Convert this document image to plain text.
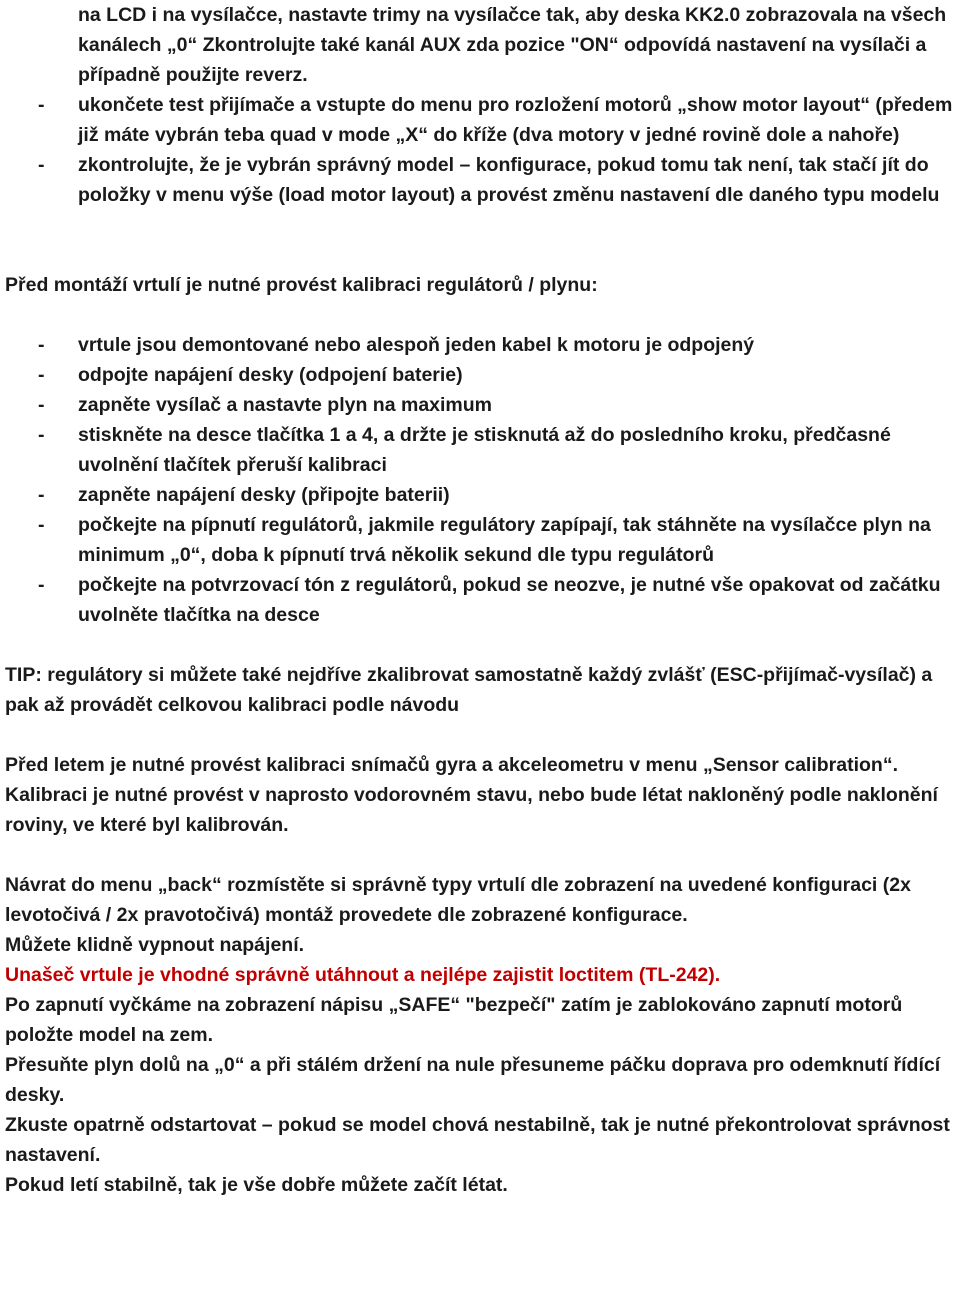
na LCD i na vysílačce, nastavte trimy na vysílačce tak, aby deska KK2.0 zobrazovala na všech kanálech „0“ Zkontrolujte také kanál AUX zda pozice "ON“ odpovídá nastavení na vysílači a případně použijte reverz.
- ukončete test přijímače a vstupte do menu pro rozložení motorů „show motor layout“ (předem již máte vybrán teba quad v mode „X“ do kříže (dva motory v jedné rovině dole a nahoře)
- zkontrolujte, že je vybrán správný model – konfigurace, pokud tomu tak není, tak stačí jít do položky v menu výše (load motor layout) a provést změnu nastavení dle daného typu modelu
Před montáží vrtulí je nutné provést kalibraci regulátorů / plynu:
- vrtule jsou demontované nebo alespoň jeden kabel k motoru je odpojený
- odpojte napájení desky (odpojení baterie)
- zapněte vysílač a nastavte plyn na maximum
- stiskněte na desce tlačítka 1 a 4, a držte je stisknutá až do posledního kroku, předčasné uvolnění tlačítek přeruší kalibraci
- zapněte napájení desky (připojte baterii)
- počkejte na pípnutí regulátorů, jakmile regulátory zapípají, tak stáhněte na vysílačce plyn na minimum „0“, doba k pípnutí trvá několik sekund dle typu regulátorů
- počkejte na potvrzovací tón z regulátorů, pokud se neozve, je nutné vše opakovat od začátku uvolněte tlačítka na desce
TIP: regulátory si můžete také nejdříve zkalibrovat samostatně každý zvlášť (ESC-přijímač-vysílač) a pak až provádět celkovou kalibraci podle návodu
Před letem je nutné provést kalibraci snímačů gyra a akceleometru v menu „Sensor calibration“.
Kalibraci je nutné provést v naprosto vodorovném stavu, nebo bude létat nakloněný podle naklonění roviny, ve které byl kalibrován.
Návrat do menu „back“ rozmístěte si správně typy vrtulí dle zobrazení na uvedené konfiguraci (2x levotočivá / 2x pravotočivá) montáž provedete dle zobrazené konfigurace.
Můžete klidně vypnout napájení.
Unašeč vrtule je vhodné správně utáhnout a nejlépe zajistit loctitem (TL-242).
Po zapnutí vyčkáme na zobrazení nápisu „SAFE“ "bezpečí" zatím je zablokováno zapnutí motorů
položte model na zem.
Přesuňte plyn dolů na „0“ a při stálém držení na nule přesuneme páčku doprava pro odemknutí řídící desky.
Zkuste opatrně odstartovat – pokud se model chová nestabilně, tak je nutné překontrolovat správnost nastavení.
Pokud letí stabilně, tak je vše dobře můžete začít létat.
